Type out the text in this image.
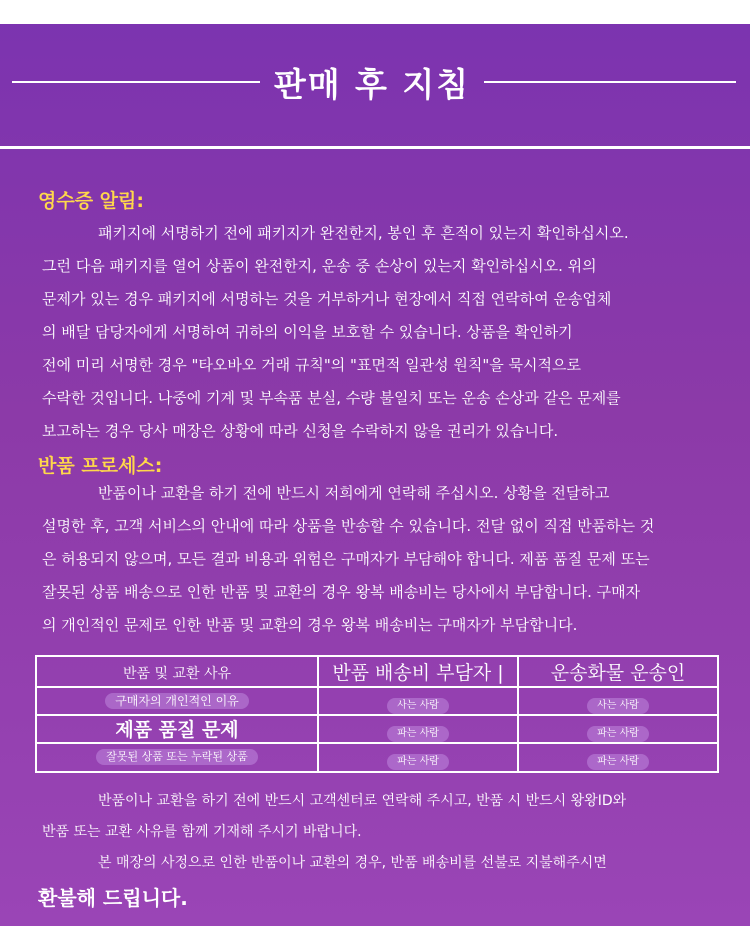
판매 후 지침
영수증 알림:
패키지에 서명하기 전에 패키지가 완전한지, 봉인 후 흔적이 있는지 확인하십시오.
그런 다음 패키지를 열어 상품이 완전한지, 운송 중 손상이 있는지 확인하십시오. 위의
문제가 있는 경우 패키지에 서명하는 것을 거부하거나 현장에서 직접 연락하여 운송업체
의 배달 담당자에게 서명하여 귀하의 이익을 보호할 수 있습니다. 상품을 확인하기
전에 미리 서명한 경우 "타오바오 거래 규칙"의 "표면적 일관성 원칙"을 묵시적으로
수락한 것입니다. 나중에 기계 및 부속품 분실, 수량 불일치 또는 운송 손상과 같은 문제를
보고하는 경우 당사 매장은 상황에 따라 신청을 수락하지 않을 권리가 있습니다.
반품 프로세스:
반품이나 교환을 하기 전에 반드시 저희에게 연락해 주십시오. 상황을 전달하고
설명한 후, 고객 서비스의 안내에 따라 상품을 반송할 수 있습니다. 전달 없이 직접 반품하는 것
은 허용되지 않으며, 모든 결과 비용과 위험은 구매자가 부담해야 합니다. 제품 품질 문제 또는
잘못된 상품 배송으로 인한 반품 및 교환의 경우 왕복 배송비는 당사에서 부담합니다. 구매자
의 개인적인 문제로 인한 반품 및 교환의 경우 왕복 배송비는 구매자가 부담합니다.
반품 및 교환 사유	반품 배송비 부담자 |	운송화물 운송인
구매자의 개인적인 이유	사는 사람	사는 사람
제품 품질 문제	파는 사람	파는 사람
잘못된 상품 또는 누락된 상품	파는 사람	파는 사람
반품이나 교환을 하기 전에 반드시 고객센터로 연락해 주시고, 반품 시 반드시 왕왕ID와
반품 또는 교환 사유를 함께 기재해 주시기 바랍니다.
본 매장의 사정으로 인한 반품이나 교환의 경우, 반품 배송비를 선불로 지불해주시면
환불해 드립니다.
